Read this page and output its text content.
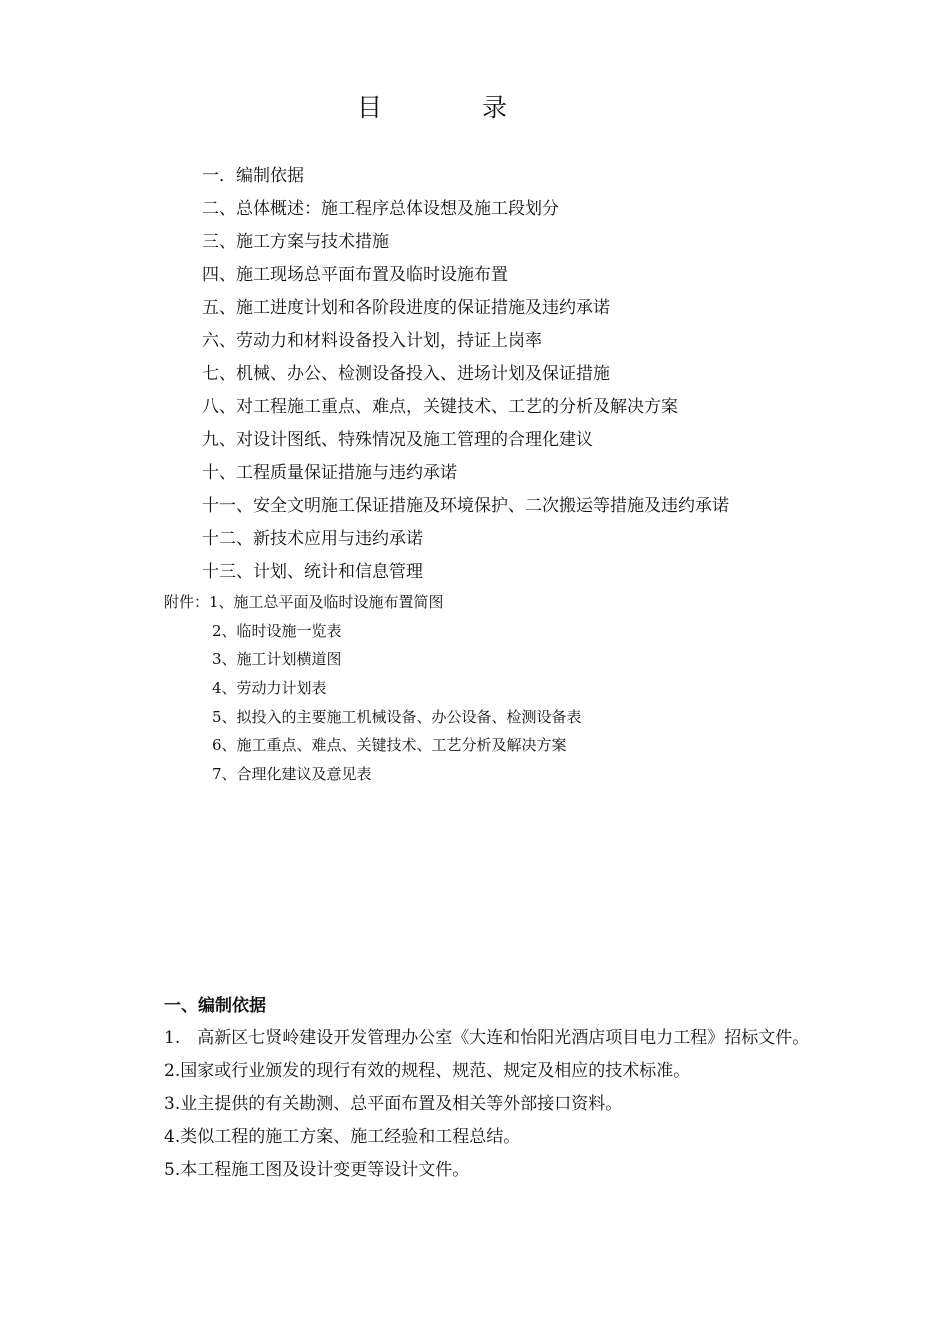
目 录
一．编制依据
二、总体概述：施工程序总体设想及施工段划分
三、施工方案与技术措施
四、施工现场总平面布置及临时设施布置
五、施工进度计划和各阶段进度的保证措施及违约承诺
六、劳动力和材料设备投入计划，持证上岗率
七、机械、办公、检测设备投入、进场计划及保证措施
八、对工程施工重点、难点，关键技术、工艺的分析及解决方案
九、对设计图纸、特殊情况及施工管理的合理化建议
十、工程质量保证措施与违约承诺
十一、安全文明施工保证措施及环境保护、二次搬运等措施及违约承诺
十二、新技术应用与违约承诺
十三、计划、统计和信息管理
附件：1、施工总平面及临时设施布置简图
2、临时设施一览表
3、施工计划横道图
4、劳动力计划表
5、拟投入的主要施工机械设备、办公设备、检测设备表
6、施工重点、难点、关键技术、工艺分析及解决方案
7、合理化建议及意见表
一、编制依据
1.　高新区七贤岭建设开发管理办公室《大连和怡阳光酒店项目电力工程》招标文件。
2.国家或行业颁发的现行有效的规程、规范、规定及相应的技术标准。
3.业主提供的有关勘测、总平面布置及相关等外部接口资料。
4.类似工程的施工方案、施工经验和工程总结。
5.本工程施工图及设计变更等设计文件。
